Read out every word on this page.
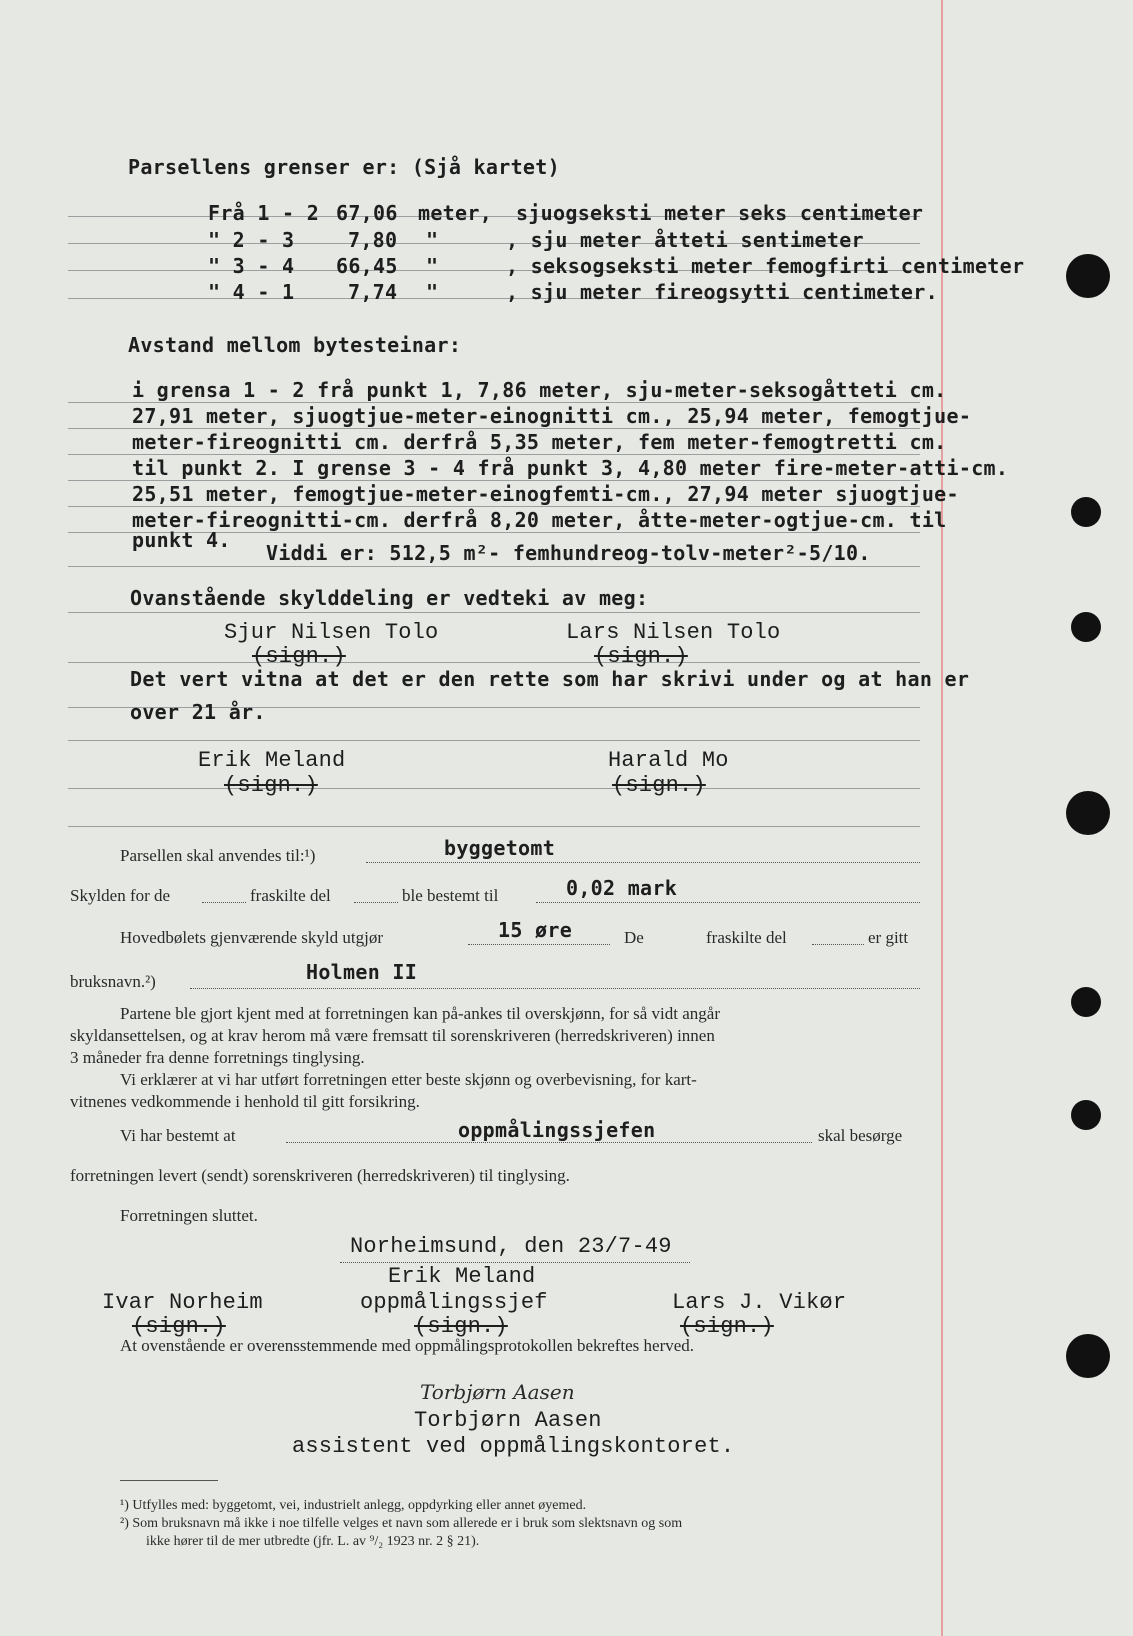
Parsellens grenser er: (Sjå kartet)
Frå 1 - 2 67,06 meter, sjuogseksti meter seks centimeter
" 2 - 3	7,80 "	, sju meter åtteti sentimeter
" 3 - 4 66,45 "	, seksogseksti meter femogfirti centimeter
" 4 - 1	7,74 "	, sju meter fireogsytti centimeter.
Avstand mellom bytesteinar:
i grensa 1 - 2 frå punkt 1, 7,86 meter, sju-meter-seksogåtteti cm.
27,91 meter, sjuogtjue-meter-einognitti cm., 25,94 meter, femogtjue-
meter-fireognitti cm. derfrå 5,35 meter, fem meter-femogtretti cm.
til punkt 2. I grense 3 - 4 frå punkt 3, 4,80 meter fire-meter-atti-cm.
25,51 meter, femogtjue-meter-einogfemti-cm., 27,94 meter sjuogtjue-
meter-fireognitti-cm. derfrå 8,20 meter, åtte-meter-ogtjue-cm. til
punkt 4.
Viddi er: 512,5 m²- femhundreog-tolv-meter²-5/10.
Ovanstående skylddeling er vedteki av meg:
Sjur Nilsen Tolo
(sign.)
Lars Nilsen Tolo
(sign.)
Det vert vitna at det er den rette som har skrivi under og at han er
over 21 år.
Erik Meland
(sign.)
Harald Mo
(sign.)
Parsellen skal anvendes til:¹)	byggetomt
Skylden for de	fraskilte del	ble bestemt til	0,02 mark
Hovedbølets gjenværende skyld utgjør	15 øre	De	fraskilte del	er gitt
bruksnavn.²)	Holmen II
Partene ble gjort kjent med at forretningen kan på-ankes til overskjønn, for så vidt angår
skyldansettelsen, og at krav herom må være fremsatt til sorenskriveren (herredskriveren) innen
3 måneder fra denne forretnings tinglysing.
Vi erklærer at vi har utført forretningen etter beste skjønn og overbevisning, for kart-
vitnenes vedkommende i henhold til gitt forsikring.
Vi har bestemt at	oppmålingssjefen	skal besørge
forretningen levert (sendt) sorenskriveren (herredskriveren) til tinglysing.
Forretningen sluttet.
Norheimsund, den 23/7-49
Erik Meland
oppmålingssjef
(sign.)
Ivar Norheim
(sign.)
Lars J. Vikør
(sign.)
At ovenstående er overensstemmende med oppmålingsprotokollen bekreftes herved.
Torbjørn Aasen
Torbjørn Aasen
assistent ved oppmålingskontoret.
¹) Utfylles med: byggetomt, vei, industrielt anlegg, oppdyrking eller annet øyemed.
²) Som bruksnavn må ikke i noe tilfelle velges et navn som allerede er i bruk som slektsnavn og som
ikke hører til de mer utbredte (jfr. L. av ⁹/₂ 1923 nr. 2 § 21).
